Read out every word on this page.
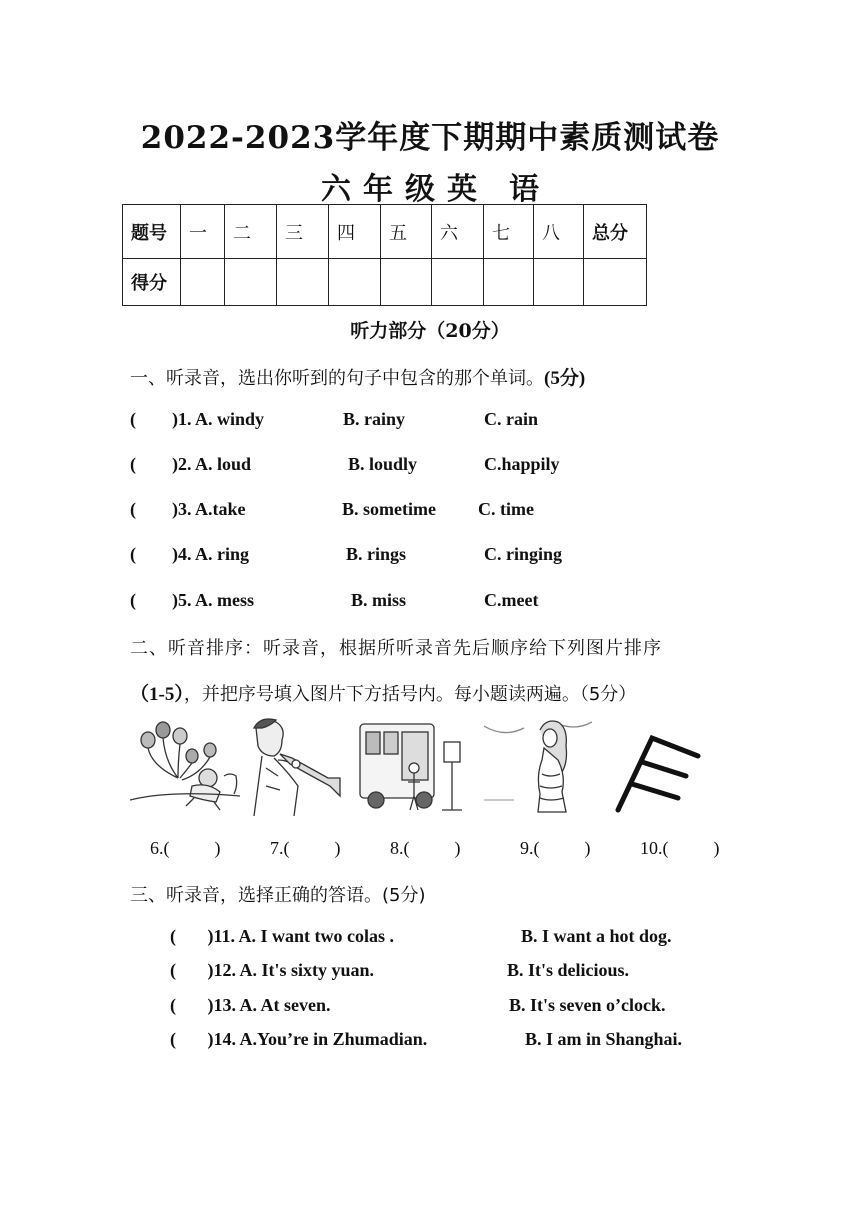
2022-2023学年度下期期中素质测试卷
六 年 级 英 语
题号	一	二	三	四	五	六	七	八	总分
得分									
听力部分（20分）
一、听录音，选出你听到的句子中包含的那个单词。(5分)
(        )1. A. windy	B. rainy	C. rain
(        )2. A. loud	B. loudly	C.happily
(        )3. A.take	B. sometime C. time
(        )4. A. ring	B. rings	C. ringing
(        )5. A. mess	B. miss	C.meet
二、听音排序：听录音，根据所听录音先后顺序给下列图片排序
（1-5），并把序号填入图片下方括号内。每小题读两遍。（5分）
6.(          )	7.(          )	8.(          )	9.(          )	10.(          )
三、听录音，选择正确的答语。(5分)
(       )11. A. I want two colas .	B. I want a hot dog.
(       )12. A. It's sixty yuan.	B. It's delicious.
(       )13. A. At seven.	B. It's seven o’clock.
(       )14. A.You’re in Zhumadian.	B. I am in Shanghai.
